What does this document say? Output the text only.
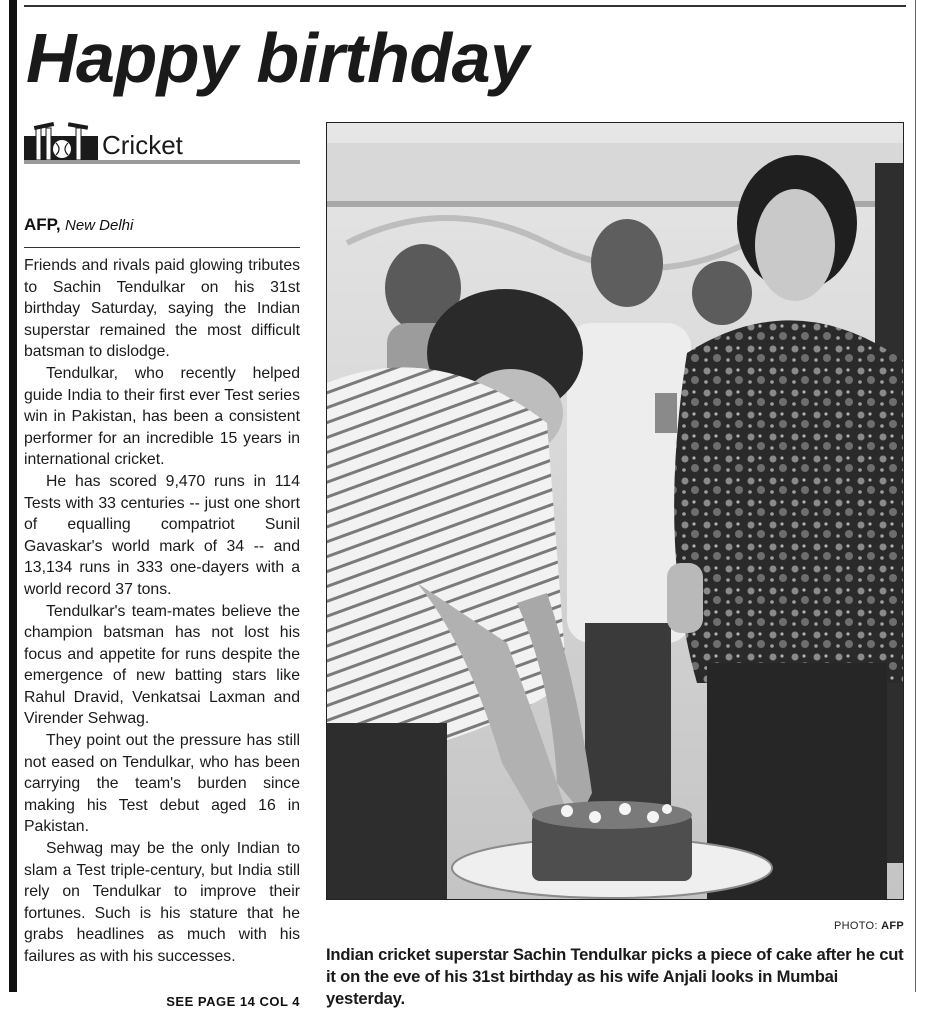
Happy birthday
Cricket
AFP, New Delhi

Friends and rivals paid glowing tributes to Sachin Tendulkar on his 31st birthday Saturday, saying the Indian superstar remained the most difficult batsman to dislodge.

Tendulkar, who recently helped guide India to their first ever Test series win in Pakistan, has been a consistent performer for an incredible 15 years in international cricket.

He has scored 9,470 runs in 114 Tests with 33 centuries -- just one short of equalling compatriot Sunil Gavaskar's world mark of 34 -- and 13,134 runs in 333 one-dayers with a world record 37 tons.

Tendulkar's team-mates believe the champion batsman has not lost his focus and appetite for runs despite the emergence of new batting stars like Rahul Dravid, Venkatsai Laxman and Virender Sehwag.

They point out the pressure has still not eased on Tendulkar, who has been carrying the team's burden since making his Test debut aged 16 in Pakistan.

Sehwag may be the only Indian to slam a Test triple-century, but India still rely on Tendulkar to improve their fortunes. Such is his stature that he grabs headlines as much with his failures as with his successes.

SEE PAGE 14 COL 4
PHOTO: AFP

Indian cricket superstar Sachin Tendulkar picks a piece of cake after he cut it on the eve of his 31st birthday as his wife Anjali looks in Mumbai yesterday.
